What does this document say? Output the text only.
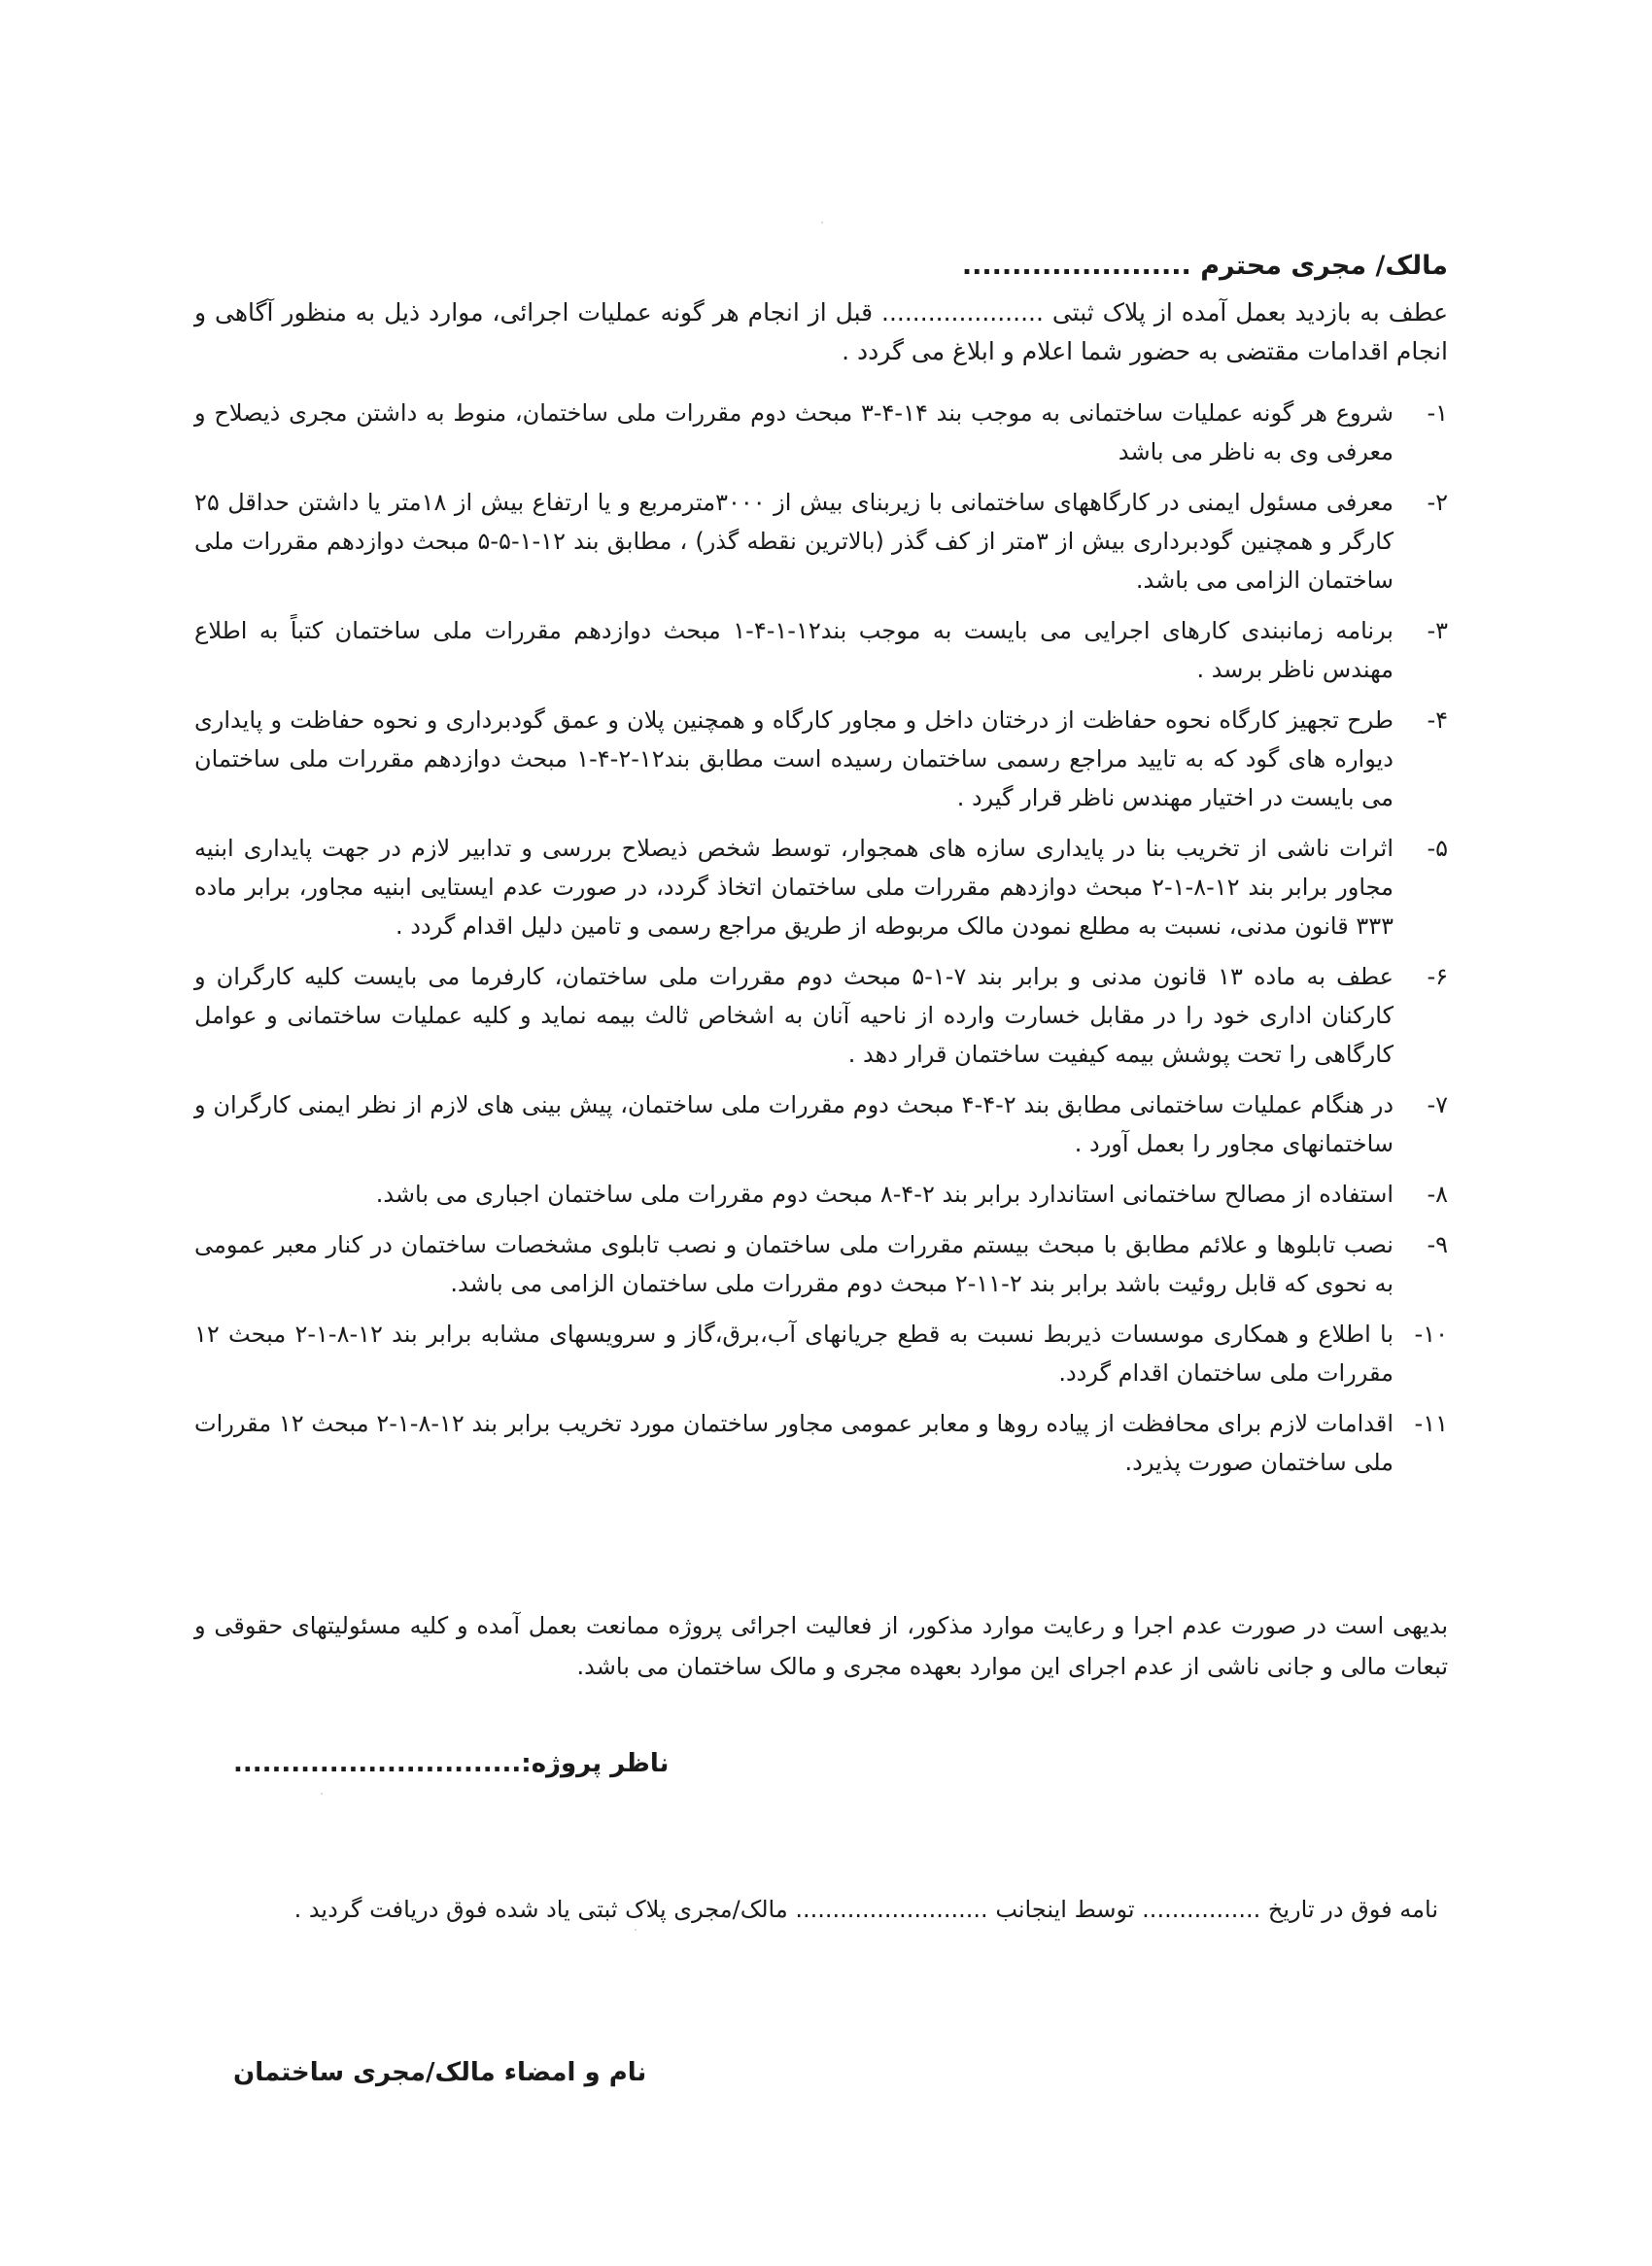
مالک/ مجری محترم .......................
عطف به بازدید بعمل آمده از پلاک ثبتی ..................... قبل از انجام هر گونه عملیات اجرائی، موارد ذیل به منظور آگاهی و انجام اقدامات مقتضی به حضور شما اعلام و ابلاغ می گردد .
۱-
شروع هر گونه عملیات ساختمانی به موجب بند ۱۴-۴-۳ مبحث دوم مقررات ملی ساختمان، منوط به داشتن مجری ذیصلاح و معرفی وی به ناظر می باشد
۲-
معرفی مسئول ایمنی در کارگاههای ساختمانی با زیربنای بیش از ۳۰۰۰مترمربع و یا ارتفاع بیش از ۱۸متر یا داشتن حداقل ۲۵ کارگر و همچنین گودبرداری بیش از ۳متر از کف گذر (بالاترین نقطه گذر) ، مطابق بند ۱۲-۱-۵-۵ مبحث دوازدهم مقررات ملی ساختمان الزامی می باشد.
۳-
برنامه زمانبندی کارهای اجرایی می بایست به موجب بند۱۲-۱-۴-۱ مبحث دوازدهم مقررات ملی ساختمان کتباً به اطلاع مهندس ناظر برسد .
۴-
طرح تجهیز کارگاه نحوه حفاظت از درختان داخل و مجاور کارگاه و همچنین پلان و عمق گودبرداری و نحوه حفاظت و پایداری دیواره های گود که به تایید مراجع رسمی ساختمان رسیده است مطابق بند۱۲-۲-۴-۱ مبحث دوازدهم مقررات ملی ساختمان می بایست در اختیار مهندس ناظر قرار گیرد .
۵-
اثرات ناشی از تخریب بنا در پایداری سازه های همجوار، توسط شخص ذیصلاح بررسی و تدابیر لازم در جهت پایداری ابنیه مجاور برابر بند ۱۲-۸-۱-۲ مبحث دوازدهم مقررات ملی ساختمان اتخاذ گردد، در صورت عدم ایستایی ابنیه مجاور، برابر ماده ۳۳۳ قانون مدنی، نسبت به مطلع نمودن مالک مربوطه از طریق مراجع رسمی و تامین دلیل اقدام گردد .
۶-
عطف به ماده ۱۳ قانون مدنی و برابر بند ۷-۱-۵ مبحث دوم مقررات ملی ساختمان، کارفرما می بایست کلیه کارگران و کارکنان اداری خود را در مقابل خسارت وارده از ناحیه آنان به اشخاص ثالث بیمه نماید و کلیه عملیات ساختمانی و عوامل کارگاهی را تحت پوشش بیمه کیفیت ساختمان قرار دهد .
۷-
در هنگام عملیات ساختمانی مطابق بند ۲-۴-۴ مبحث دوم مقررات ملی ساختمان، پیش بینی های لازم از نظر ایمنی کارگران و ساختمانهای مجاور را بعمل آورد .
۸-
استفاده از مصالح ساختمانی استاندارد برابر بند ۲-۴-۸ مبحث دوم مقررات ملی ساختمان اجباری می باشد.
۹-
نصب تابلوها و علائم مطابق با مبحث بیستم مقررات ملی ساختمان و نصب تابلوی مشخصات ساختمان در کنار معبر عمومی به نحوی که قابل روئیت باشد برابر بند ۲-۱۱-۲ مبحث دوم مقررات ملی ساختمان الزامی می باشد.
۱۰-
با اطلاع و همکاری موسسات ذیربط نسبت به قطع جریانهای آب،برق،گاز و سرویسهای مشابه برابر بند ۱۲-۸-۱-۲ مبحث ۱۲ مقررات ملی ساختمان اقدام گردد.
۱۱-
اقدامات لازم برای محافظت از پیاده روها و معابر عمومی مجاور ساختمان مورد تخریب برابر بند ۱۲-۸-۱-۲ مبحث ۱۲ مقررات ملی ساختمان صورت پذیرد.
بدیهی است در صورت عدم اجرا و رعایت موارد مذکور، از فعالیت اجرائی پروژه ممانعت بعمل آمده و کلیه مسئولیتهای حقوقی و تبعات مالی و جانی ناشی از عدم اجرای این موارد بعهده مجری و مالک ساختمان می باشد.
ناظر پروژه:..............................
نامه فوق در تاریخ ................ توسط اینجانب .......................... مالک/مجری پلاک ثبتی یاد شده فوق دریافت گردید .
نام و امضاء مالک/مجری ساختمان
